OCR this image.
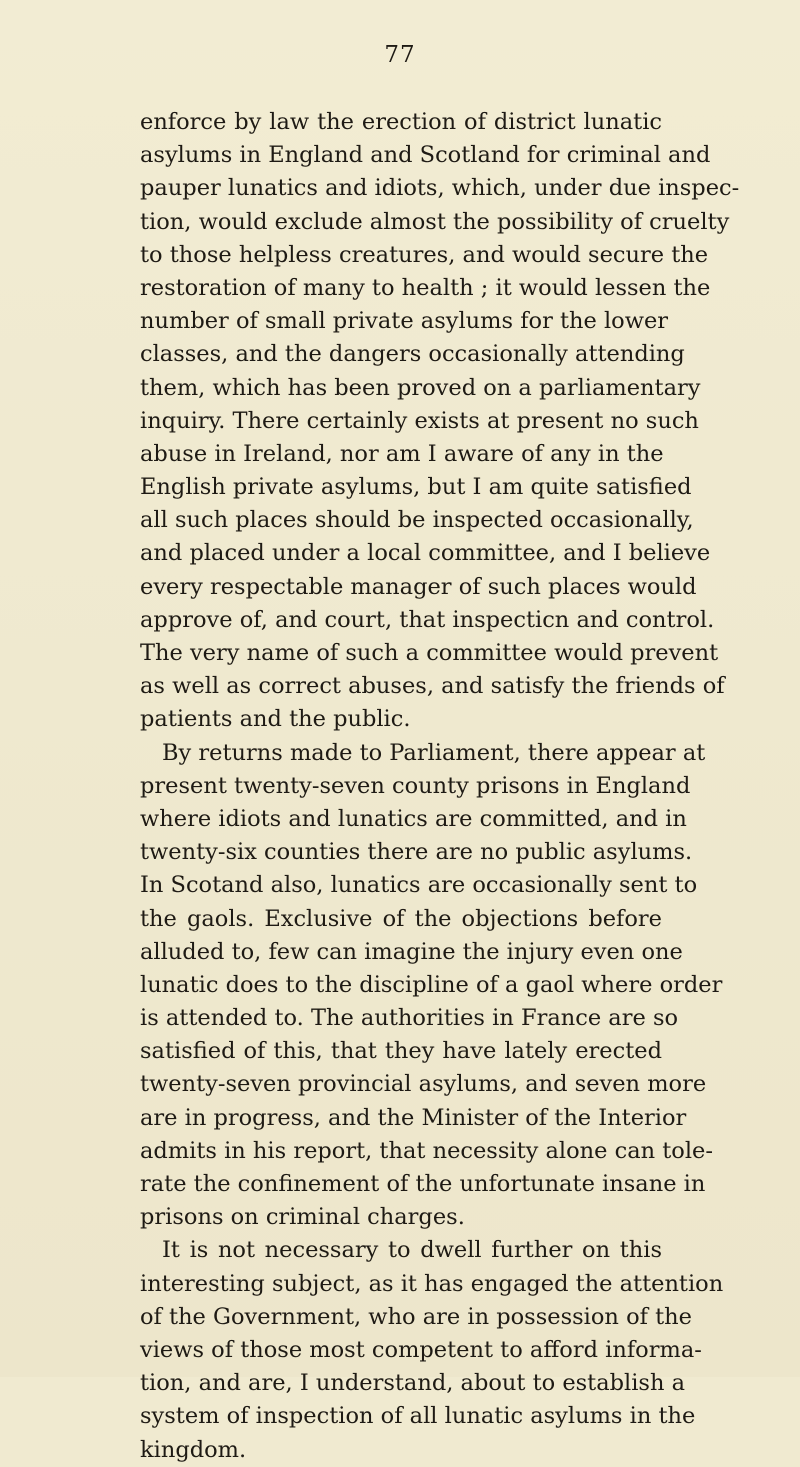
77
enforce by law the erection of district lunatic
asylums in England and Scotland for criminal and
pauper lunatics and idiots, which, under due inspec-
tion, would exclude almost the possibility of cruelty
to those helpless creatures, and would secure the
restoration of many to health ; it would lessen the
number of small private asylums for the lower
classes, and the dangers occasionally attending
them, which has been proved on a parliamentary
inquiry. There certainly exists at present no such
abuse in Ireland, nor am I aware of any in the
English private asylums, but I am quite satisfied
all such places should be inspected occasionally,
and placed under a local committee, and I believe
every respectable manager of such places would
approve of, and court, that inspecticn and control.
The very name of such a committee would prevent
as well as correct abuses, and satisfy the friends of
patients and the public.
By returns made to Parliament, there appear at
present twenty-seven county prisons in England
where idiots and lunatics are committed, and in
twenty-six counties there are no public asylums.
In Scotand also, lunatics are occasionally sent to
the gaols. Exclusive of the objections before
alluded to, few can imagine the injury even one
lunatic does to the discipline of a gaol where order
is attended to. The authorities in France are so
satisfied of this, that they have lately erected
twenty-seven provincial asylums, and seven more
are in progress, and the Minister of the Interior
admits in his report, that necessity alone can tole-
rate the confinement of the unfortunate insane in
prisons on criminal charges.
It is not necessary to dwell further on this
interesting subject, as it has engaged the attention
of the Government, who are in possession of the
views of those most competent to afford informa-
tion, and are, I understand, about to establish a
system of inspection of all lunatic asylums in the
kingdom.
